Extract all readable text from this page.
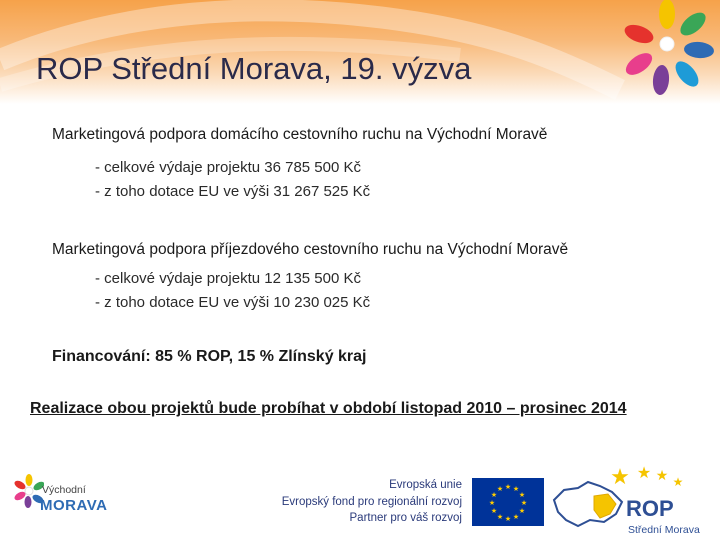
ROP Střední Morava, 19. výzva
Marketingová podpora domácího cestovního ruchu na Východní Moravě
- celkové výdaje projektu 36 785 500 Kč
- z toho dotace EU ve výši 31 267 525 Kč
Marketingová podpora příjezdového cestovního ruchu na Východní Moravě
- celkové výdaje projektu 12 135 500 Kč
- z toho dotace EU ve výši 10 230 025 Kč
Financování: 85 % ROP, 15 % Zlínský kraj
Realizace obou projektů bude probíhat v období listopad 2010 – prosinec 2014
Východní
MORAVA
Evropská unie
Evropský fond pro regionální rozvoj
Partner pro váš rozvoj
★ ★
★
★
★
★
★
★
★
★
★
★	★ ★ ★ ★
ROP
Střední Morava
